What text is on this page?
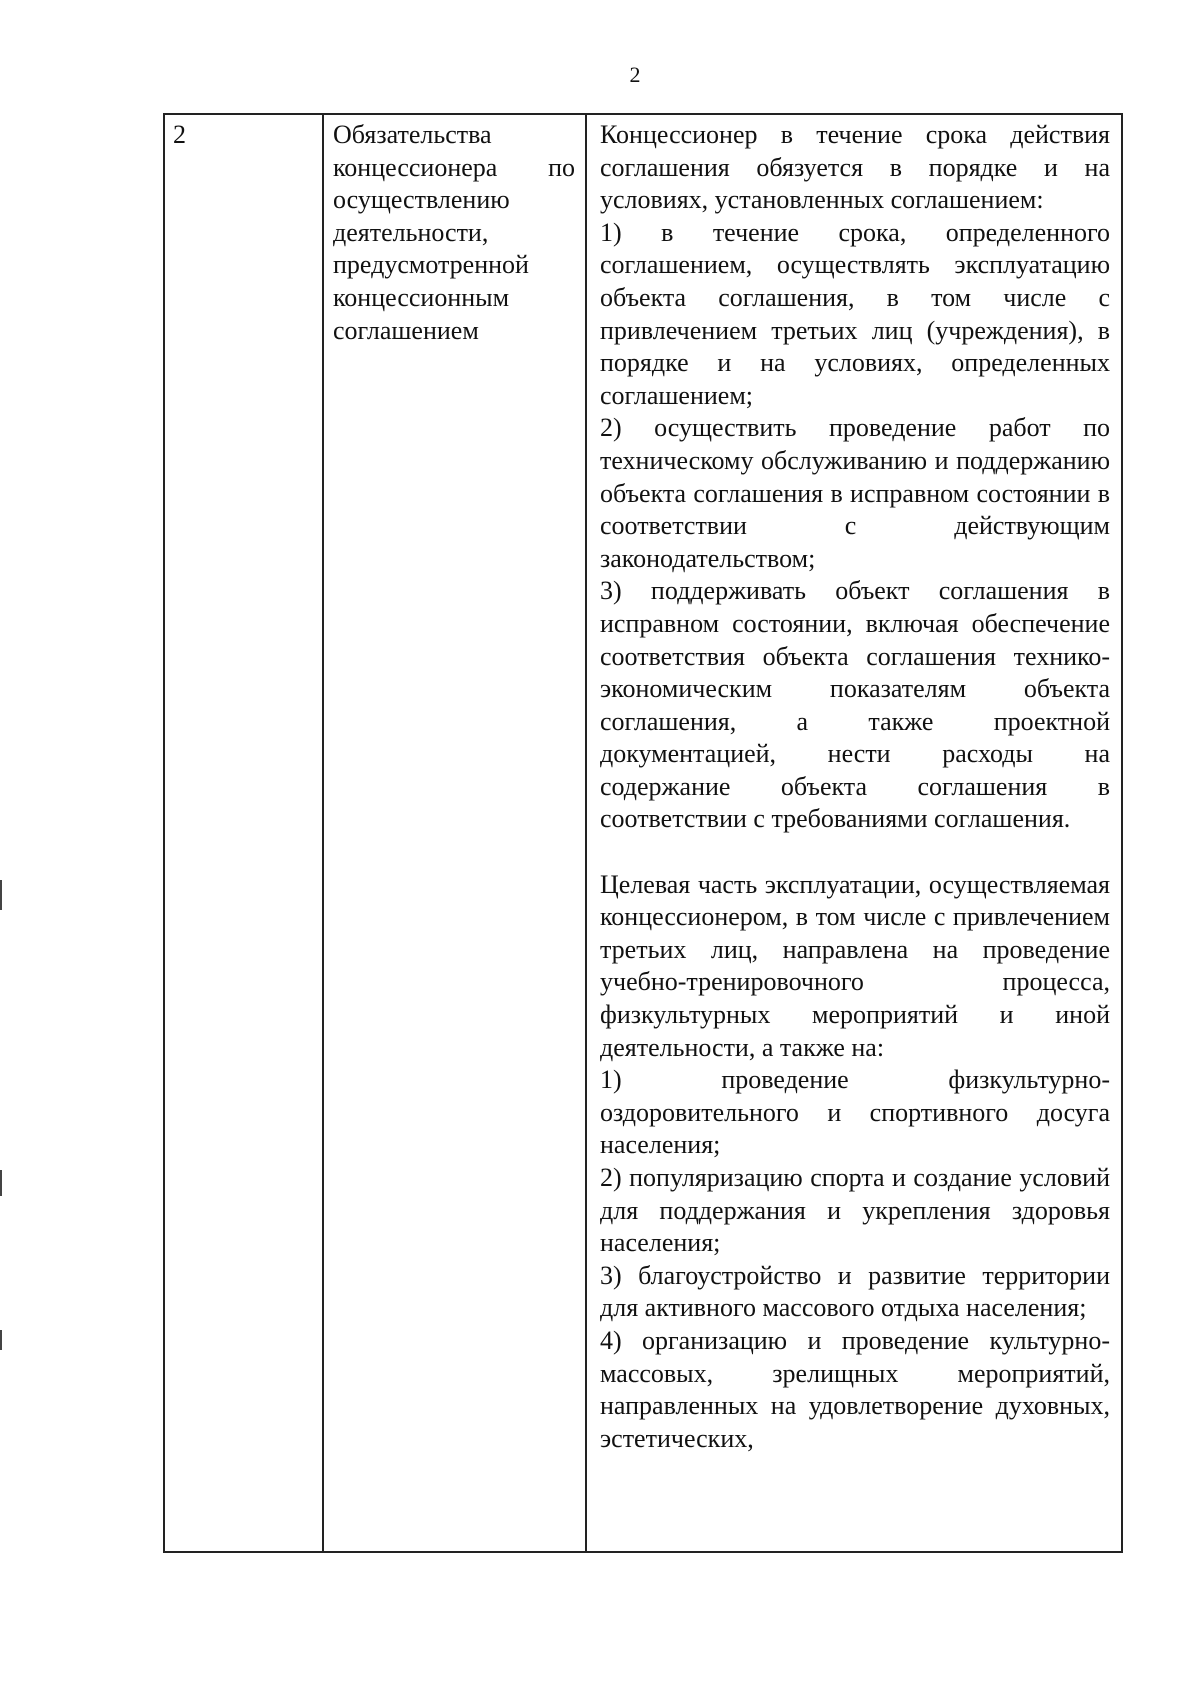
2
2	Обязательства концессионера по осуществлению деятельности, предусмотренной концессионным соглашением

Концессионер в течение срока действия соглашения обязуется в порядке и на условиях, установленных соглашением:

1) в течение срока, определенного соглашением, осуществлять эксплуатацию объекта соглашения, в том числе с привлечением третьих лиц (учреждения), в порядке и на условиях, определенных соглашением;

2) осуществить проведение работ по техническому обслуживанию и поддержанию объекта соглашения в исправном состоянии в соответствии с действующим законодательством;

3) поддерживать объект соглашения в исправном состоянии, включая обеспечение соответствия объекта соглашения технико-экономическим показателям объекта соглашения, а также проектной документацией, нести расходы на содержание объекта соглашения в соответствии с требованиями соглашения.

Целевая часть эксплуатации, осуществляемая концессионером, в том числе с привлечением третьих лиц, направлена на проведение учебно-тренировочного процесса, физкультурных мероприятий и иной деятельности, а также на:

1) проведение физкультурно-оздоровительного и спортивного досуга населения;

2) популяризацию спорта и создание условий для поддержания и укрепления здоровья населения;

3) благоустройство и развитие территории для активного массового отдыха населения;

4) организацию и проведение культурно-массовых, зрелищных мероприятий, направленных на удовлетворение духовных, эстетических,
